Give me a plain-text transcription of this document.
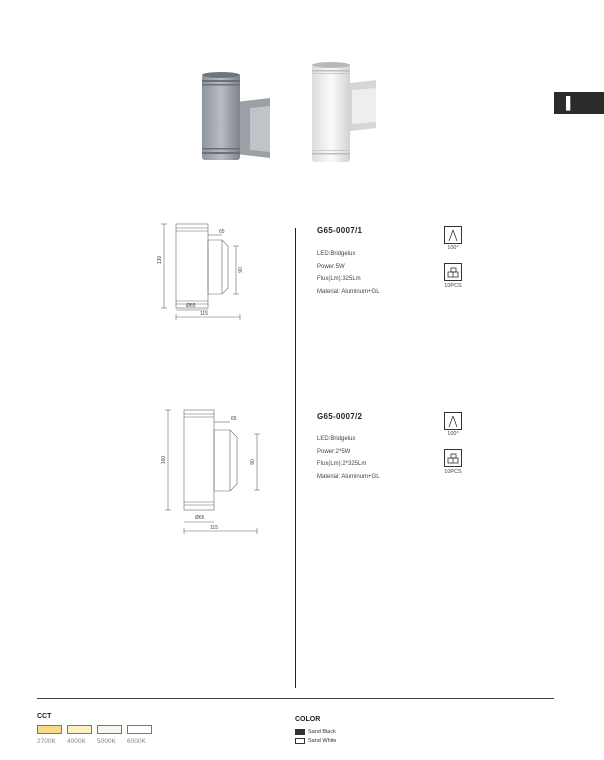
▌
130
90
65
Ø65
115
160	90
65
Ø65
115
G65-0007/1
LED:Bridgelux
Power:5W
Flux(Lm):325Lm
Material: Aluminum+GL
100°
10PCS
G65-0007/2
LED:Bridgelux
Power:2*5W
Flux(Lm):2*325Lm
Material: Aluminum+GL
100°
10PCS
CCT
2700K 4000K 5000K 6000K
COLOR
Sand Black
Sand White
